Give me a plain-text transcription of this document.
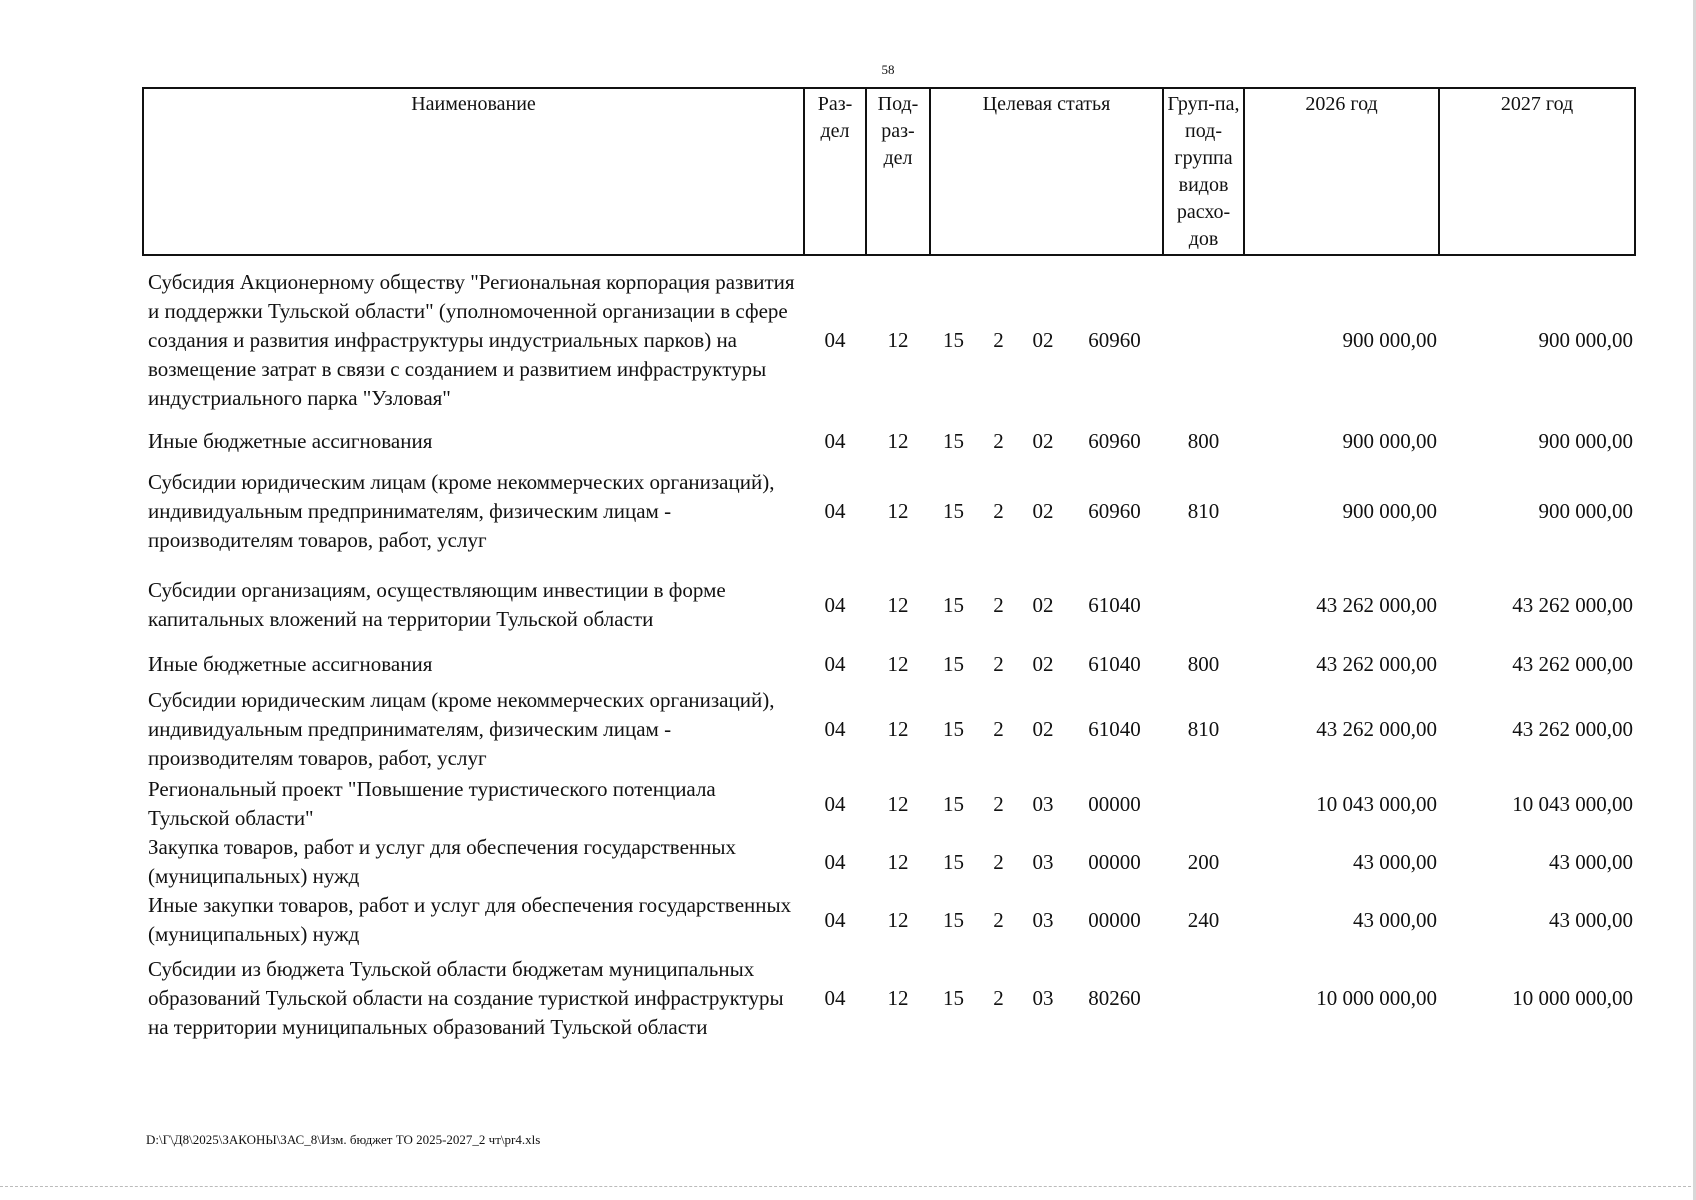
58
Наименование	Раз-дел	Под-раз-дел	Целевая статья				Груп-па, под-группа видов расхо-дов	2026 год	2027 год
Субсидия Акционерному обществу "Региональная корпорация развития и поддержки Тульской области" (уполномоченной организации в сфере создания и развития инфраструктуры индустриальных парков) на возмещение затрат в связи с созданием и развитием инфраструктуры индустриального парка "Узловая"	04	12	15	2	02	60960		900 000,00	900 000,00
Иные бюджетные ассигнования	04	12	15	2	02	60960	800	900 000,00	900 000,00
Субсидии юридическим лицам (кроме некоммерческих организаций), индивидуальным предпринимателям, физическим лицам - производителям товаров, работ, услуг	04	12	15	2	02	60960	810	900 000,00	900 000,00
Субсидии организациям, осуществляющим инвестиции в форме капитальных вложений на территории Тульской области	04	12	15	2	02	61040		43 262 000,00	43 262 000,00
Иные бюджетные ассигнования	04	12	15	2	02	61040	800	43 262 000,00	43 262 000,00
Субсидии юридическим лицам (кроме некоммерческих организаций), индивидуальным предпринимателям, физическим лицам - производителям товаров, работ, услуг	04	12	15	2	02	61040	810	43 262 000,00	43 262 000,00
Региональный проект "Повышение туристического потенциала Тульской области"	04	12	15	2	03	00000		10 043 000,00	10 043 000,00
Закупка товаров, работ и услуг для обеспечения государственных (муниципальных) нужд	04	12	15	2	03	00000	200	43 000,00	43 000,00
Иные закупки товаров, работ и услуг для обеспечения государственных (муниципальных) нужд	04	12	15	2	03	00000	240	43 000,00	43 000,00
Субсидии из бюджета Тульской области бюджетам муниципальных образований Тульской области на создание туристкой инфраструктуры на территории муниципальных образований Тульской области	04	12	15	2	03	80260		10 000 000,00	10 000 000,00
D:\Г\Д8\2025\ЗАКОНЫ\ЗАС_8\Изм. бюджет ТО 2025-2027_2 чт\pr4.xls
